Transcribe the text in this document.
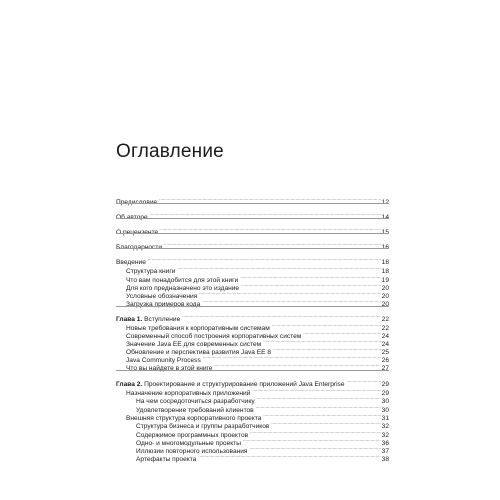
Оглавление
Предисловие . . .	12
Об авторе . . .	14
О рецензенте . . .	15
Благодарности . . .	16
Введение . . .	18
Структура книги . . .	18
Что вам понадобится для этой книги . . .	19
Для кого предназначено это издание . . .	20
Условные обозначения . . .	20
Загрузка примеров кода . . .	20
Глава 1. Вступление . . .	22
Новые требования к корпоративным системам . . .	22
Современный способ построения корпоративных систем . . .	24
Значение Java EE для современных систем . . .	24
Обновление и перспектива развития Java EE 8 . . .	25
Java Community Process . . .	26
Что вы найдете в этой книге . . .	27
Глава 2. Проектирование и структурирование приложений Java Enterprise . . .	29
Назначение корпоративных приложений . . .	29
На чем сосредоточиться разработчику . . .	30
Удовлетворение требований клиентов . . .	30
Внешняя структура корпоративного проекта . . .	31
Структура бизнеса и группы разработчиков . . .	32
Содержимое программных проектов . . .	32
Одно- и многомодульные проекты . . .	36
Иллюзии повторного использования . . .	37
Артефакты проекта . . .	38
